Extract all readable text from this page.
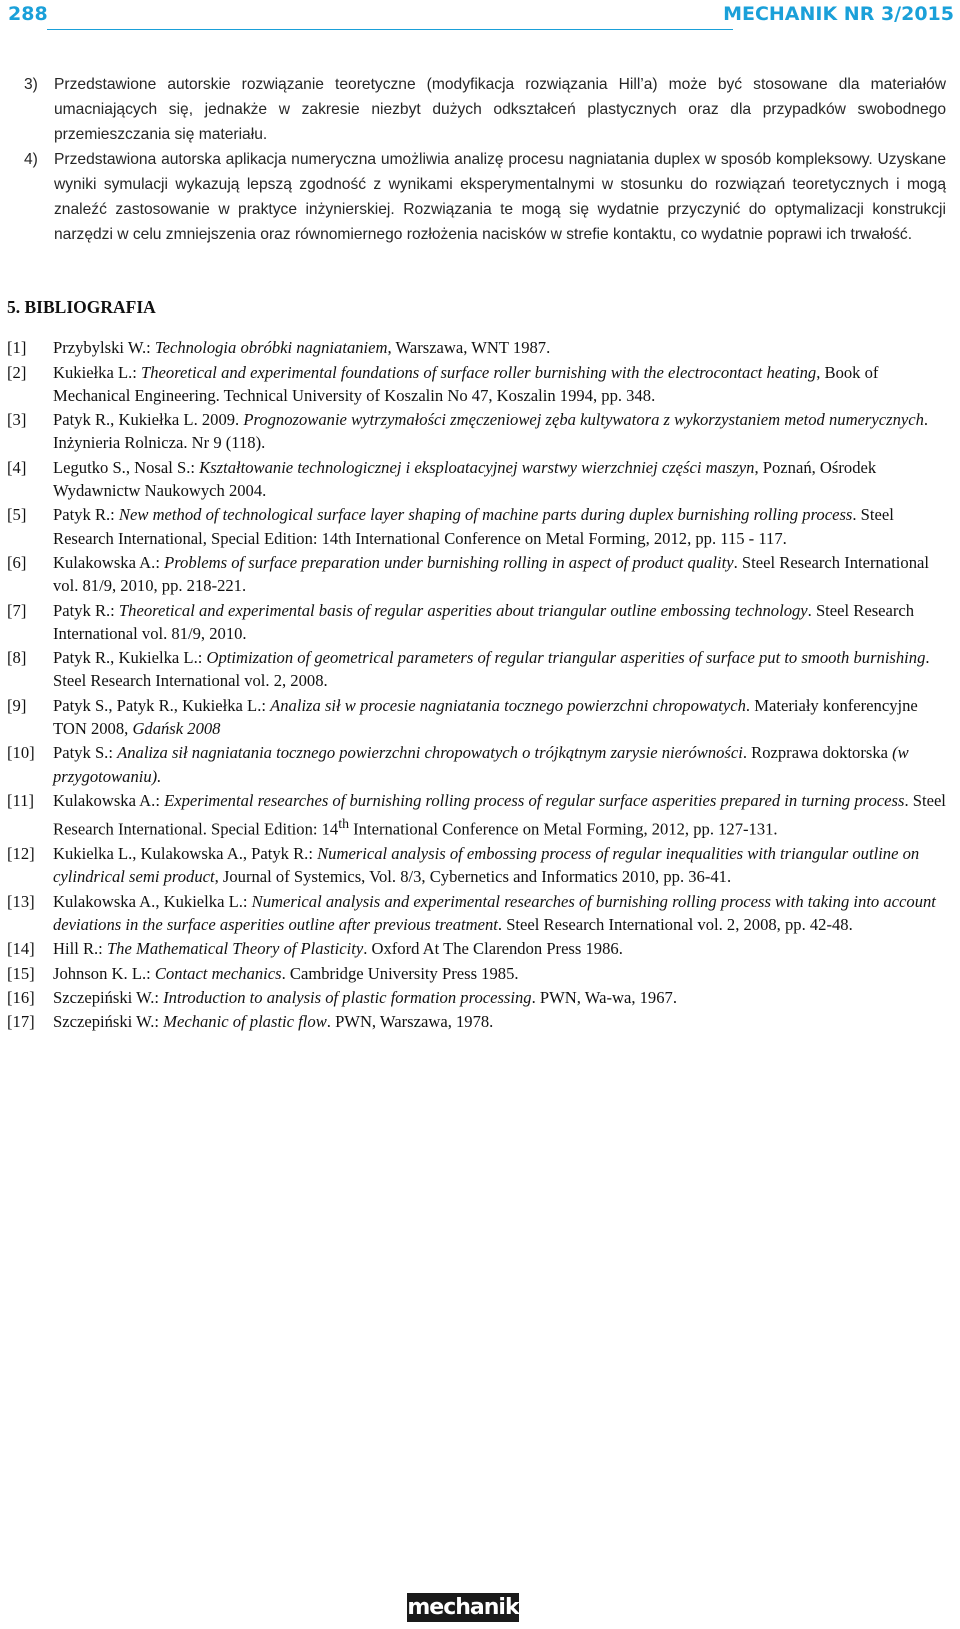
288	MECHANIK NR 3/2015
3)	Przedstawione autorskie rozwiązanie teoretyczne (modyfikacja rozwiązania Hill’a) może być stosowane dla materiałów umacniających się, jednakże w zakresie niezbyt dużych odkształceń plastycznych oraz dla przypadków swobodnego przemieszczania się materiału.
4)	Przedstawiona autorska aplikacja numeryczna umożliwia analizę procesu nagniatania duplex w sposób kompleksowy. Uzyskane wyniki symulacji wykazują lepszą zgodność z wynikami eksperymentalnymi w stosunku do rozwiązań teoretycznych i mogą znaleźć zastosowanie w praktyce inżynierskiej. Rozwiązania te mogą się wydatnie przyczynić do optymalizacji konstrukcji narzędzi w celu zmniejszenia oraz równomiernego rozłożenia nacisków w strefie kontaktu, co wydatnie poprawi ich trwałość.
5. BIBLIOGRAFIA
[1]	Przybylski W.: Technologia obróbki nagniataniem, Warszawa, WNT 1987.
[2]	Kukiełka L.: Theoretical and experimental foundations of surface roller burnishing with the electrocontact heating, Book of Mechanical Engineering. Technical University of Koszalin No 47, Koszalin 1994, pp. 348.
[3]	Patyk R., Kukiełka L. 2009. Prognozowanie wytrzymałości zmęczeniowej zęba kultywatora z wykorzystaniem metod numerycznych. Inżynieria Rolnicza. Nr 9 (118).
[4]	Legutko S., Nosal S.: Kształtowanie technologicznej i eksploatacyjnej warstwy wierzchniej części maszyn, Poznań, Ośrodek Wydawnictw Naukowych 2004.
[5]	Patyk R.: New method of technological surface layer shaping of machine parts during duplex burnishing rolling process. Steel Research International, Special Edition: 14th International Conference on Metal Forming, 2012, pp. 115 - 117.
[6]	Kulakowska A.: Problems of surface preparation under burnishing rolling in aspect of product quality. Steel Research International vol. 81/9, 2010, pp. 218-221.
[7]	Patyk R.: Theoretical and experimental basis of regular asperities about triangular outline embossing technology. Steel Research International vol. 81/9, 2010.
[8]	Patyk R., Kukielka L.: Optimization of geometrical parameters of regular triangular asperities of surface put to smooth burnishing. Steel Research International vol. 2, 2008.
[9]	Patyk S., Patyk R., Kukiełka L.: Analiza sił w procesie nagniatania tocznego powierzchni chropowatych. Materiały konferencyjne TON 2008, Gdańsk 2008
[10]	Patyk S.: Analiza sił nagniatania tocznego powierzchni chropowatych o trójkątnym zarysie nierówności. Rozprawa doktorska (w przygotowaniu).
[11]	Kulakowska A.: Experimental researches of burnishing rolling process of regular surface asperities prepared in turning process. Steel Research International. Special Edition: 14th International Conference on Metal Forming, 2012, pp. 127-131.
[12]	Kukielka L., Kulakowska A., Patyk R.: Numerical analysis of embossing process of regular inequalities with triangular outline on cylindrical semi product, Journal of Systemics, Vol. 8/3, Cybernetics and Informatics 2010, pp. 36-41.
[13]	Kulakowska A., Kukielka L.: Numerical analysis and experimental researches of burnishing rolling process with taking into account deviations in the surface asperities outline after previous treatment. Steel Research International vol. 2, 2008, pp. 42-48.
[14]	Hill R.: The Mathematical Theory of Plasticity. Oxford At The Clarendon Press 1986.
[15]	Johnson K. L.: Contact mechanics. Cambridge University Press 1985.
[16]	Szczepiński W.: Introduction to analysis of plastic formation processing. PWN, Wa-wa, 1967.
[17]	Szczepiński W.: Mechanic of plastic flow. PWN, Warszawa, 1978.
mechanik
